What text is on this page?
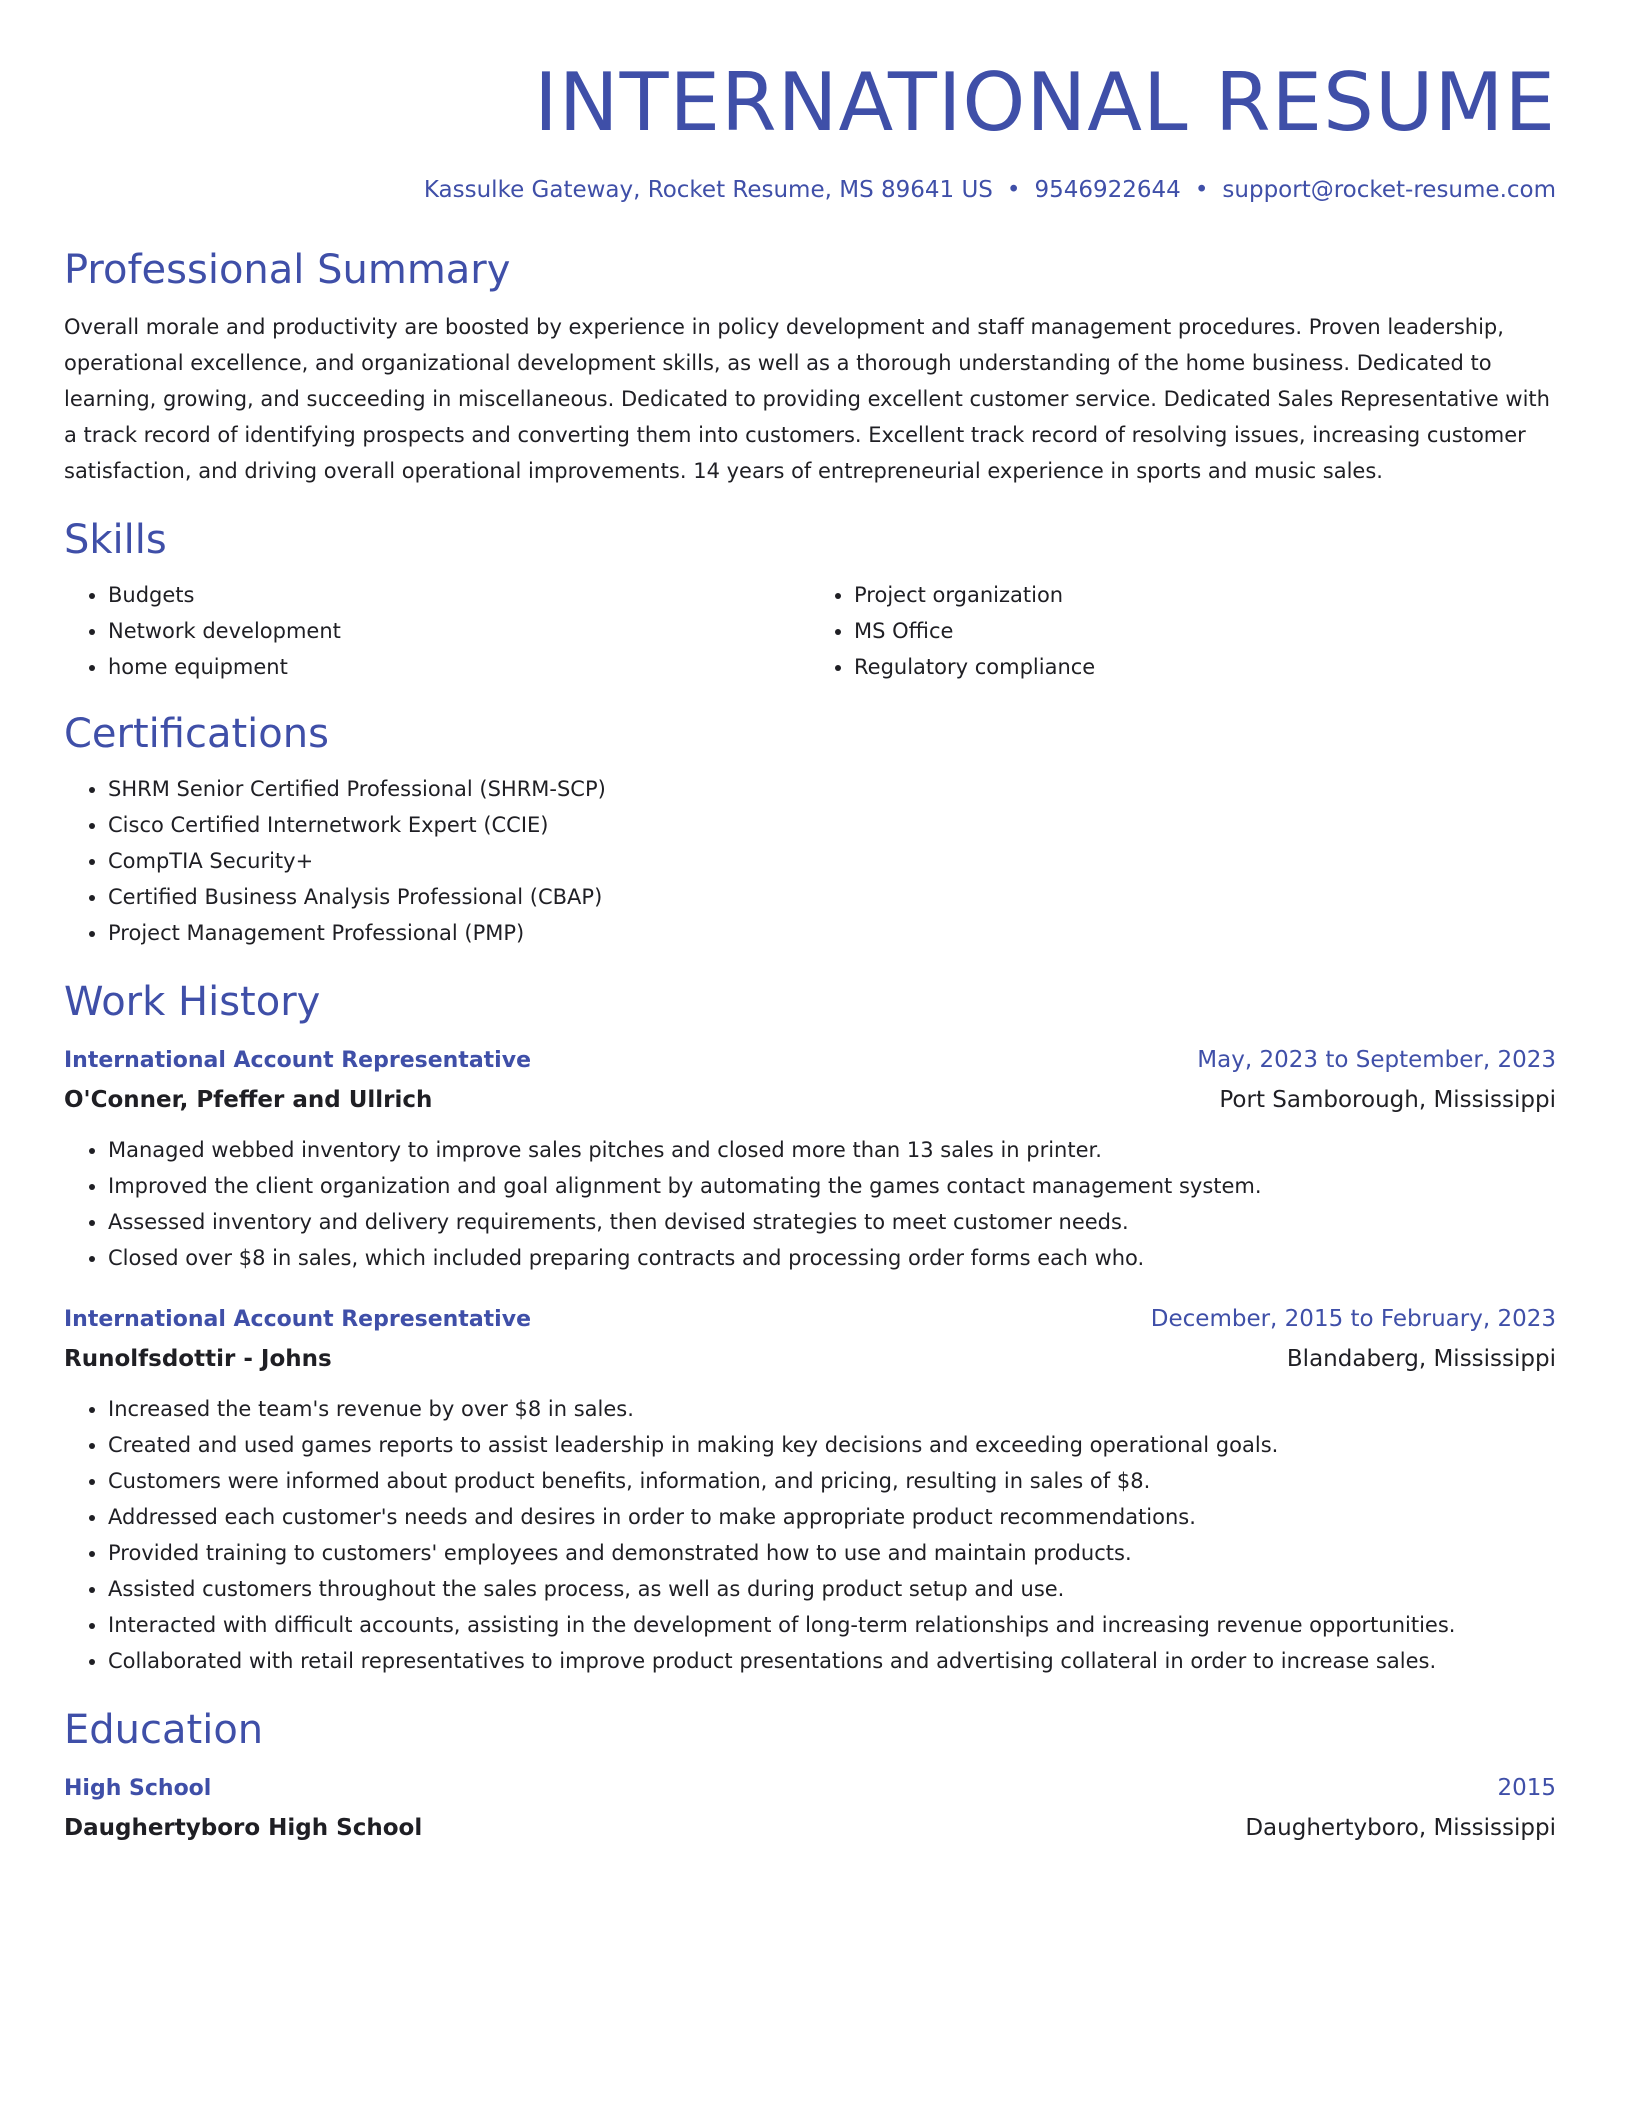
INTERNATIONAL RESUME
Kassulke Gateway, Rocket Resume, MS 89641 US • 9546922644 • support@rocket-resume.com
Professional Summary

Overall morale and productivity are boosted by experience in policy development and staff management procedures. Proven leadership, operational excellence, and organizational development skills, as well as a thorough understanding of the home business. Dedicated to learning, growing, and succeeding in miscellaneous. Dedicated to providing excellent customer service. Dedicated Sales Representative with a track record of identifying prospects and converting them into customers. Excellent track record of resolving issues, increasing customer satisfaction, and driving overall operational improvements. 14 years of entrepreneurial experience in sports and music sales.

Skills
• Budgets
• Network development
• home equipment
• Project organization
• MS Office
• Regulatory compliance
Certifications
• SHRM Senior Certified Professional (SHRM-SCP)
• Cisco Certified Internetwork Expert (CCIE)
• CompTIA Security+
• Certified Business Analysis Professional (CBAP)
• Project Management Professional (PMP)
Work History
International Account Representative	May, 2023 to September, 2023
O'Conner, Pfeffer and Ullrich	Port Samborough, Mississippi
• Managed webbed inventory to improve sales pitches and closed more than 13 sales in printer.
• Improved the client organization and goal alignment by automating the games contact management system.
• Assessed inventory and delivery requirements, then devised strategies to meet customer needs.
• Closed over $8 in sales, which included preparing contracts and processing order forms each who.
International Account Representative	December, 2015 to February, 2023
Runolfsdottir - Johns	Blandaberg, Mississippi
• Increased the team's revenue by over $8 in sales.
• Created and used games reports to assist leadership in making key decisions and exceeding operational goals.
• Customers were informed about product benefits, information, and pricing, resulting in sales of $8.
• Addressed each customer's needs and desires in order to make appropriate product recommendations.
• Provided training to customers' employees and demonstrated how to use and maintain products.
• Assisted customers throughout the sales process, as well as during product setup and use.
• Interacted with difficult accounts, assisting in the development of long-term relationships and increasing revenue opportunities.
• Collaborated with retail representatives to improve product presentations and advertising collateral in order to increase sales.
Education
High School	2015
Daughertyboro High School	Daughertyboro, Mississippi
